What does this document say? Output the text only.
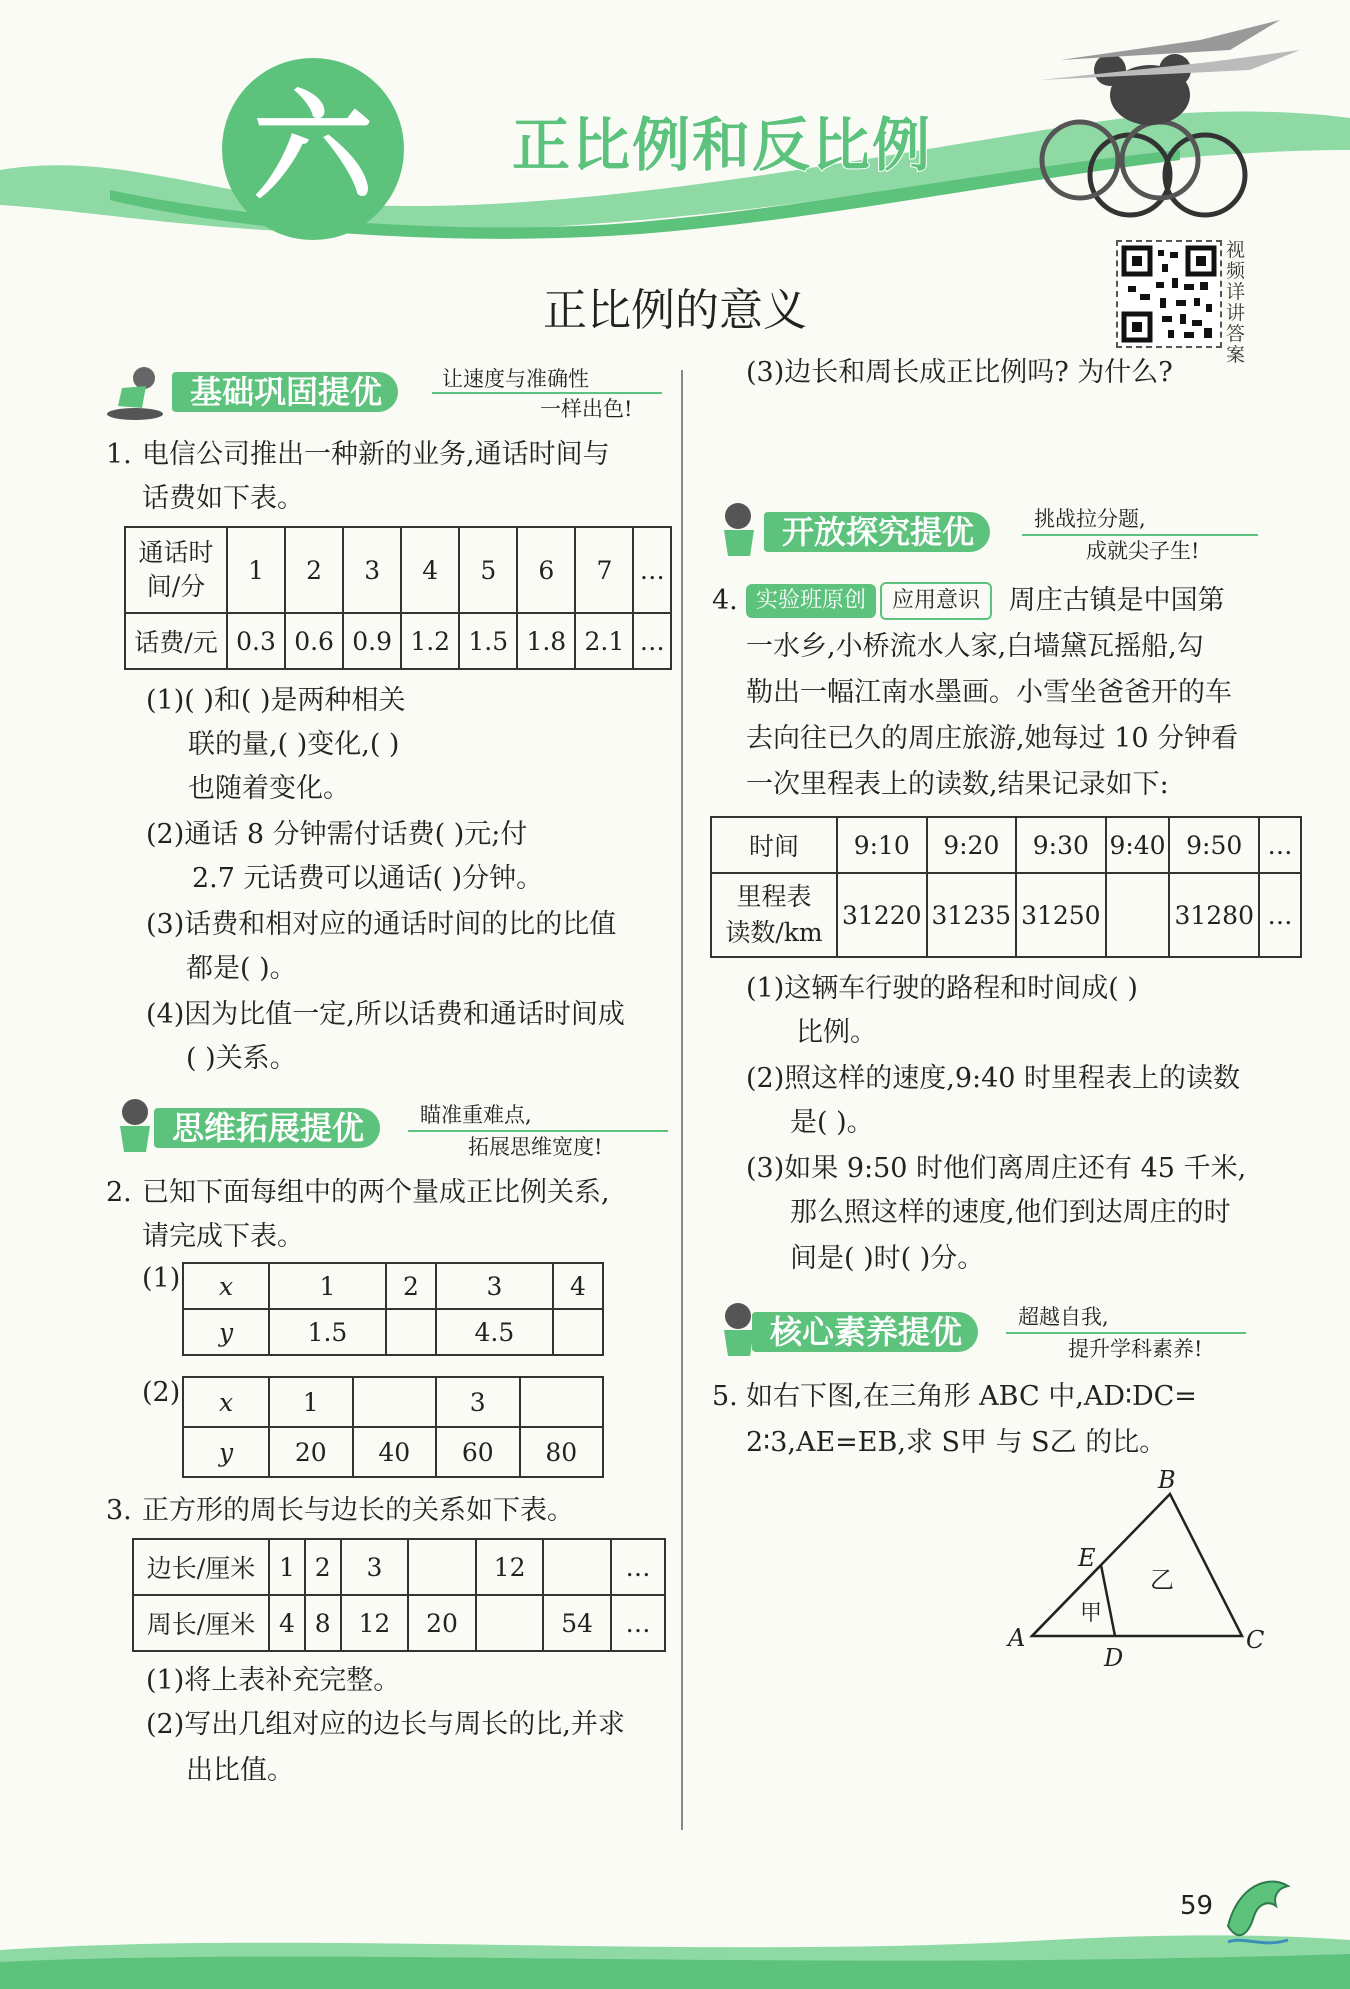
六	正比例和反比例
视频详讲答案
正比例的意义
基础巩固提优	让速度与准确性
一样出色!
1. 电信公司推出一种新的业务,通话时间与
话费如下表。
通话时
间/分	1	2	3	4	5	6	7	…
话费/元	0.3	0.6	0.9	1.2	1.5	1.8	2.1	…
(1)( )和( )是两种相关
联的量,( )变化,( )
也随着变化。
(2)通话 8 分钟需付话费( )元;付
2.7 元话费可以通话( )分钟。
(3)话费和相对应的通话时间的比的比值
都是( )。
(4)因为比值一定,所以话费和通话时间成
( )关系。
思维拓展提优	瞄准重难点,
拓展思维宽度!
2. 已知下面每组中的两个量成正比例关系,
请完成下表。
(1) x	1	2	3	4
y	1.5		4.5	
(2) x	1		3	
y	20	40	60	80
3. 正方形的周长与边长的关系如下表。
边长/厘米	1	2	3		12		…
周长/厘米	4	8	12	20		54	…
(1)将上表补充完整。
(2)写出几组对应的边长与周长的比,并求
出比值。
(3)边长和周长成正比例吗? 为什么?
开放探究提优	挑战拉分题,
成就尖子生!
4. 实验班原创 应用意识 周庄古镇是中国第
一水乡,小桥流水人家,白墙黛瓦摇船,勾
勒出一幅江南水墨画。小雪坐爸爸开的车
去向往已久的周庄旅游,她每过 10 分钟看
一次里程表上的读数,结果记录如下:
时间	9:10	9:20	9:30	9:40	9:50	…

里程表
读数/km	31220	31235	31250		31280	…
(1)这辆车行驶的路程和时间成( )
比例。
(2)照这样的速度,9:40 时里程表上的读数
是( )。
(3)如果 9:50 时他们离周庄还有 45 千米,
那么照这样的速度,他们到达周庄的时
间是( )时( )分。
核心素养提优	超越自我,
提升学科素养!
5. 如右下图,在三角形 ABC 中,AD∶DC=
2∶3,AE=EB,求 S甲 与 S乙 的比。
A
B
C
D
E
甲
乙
59
